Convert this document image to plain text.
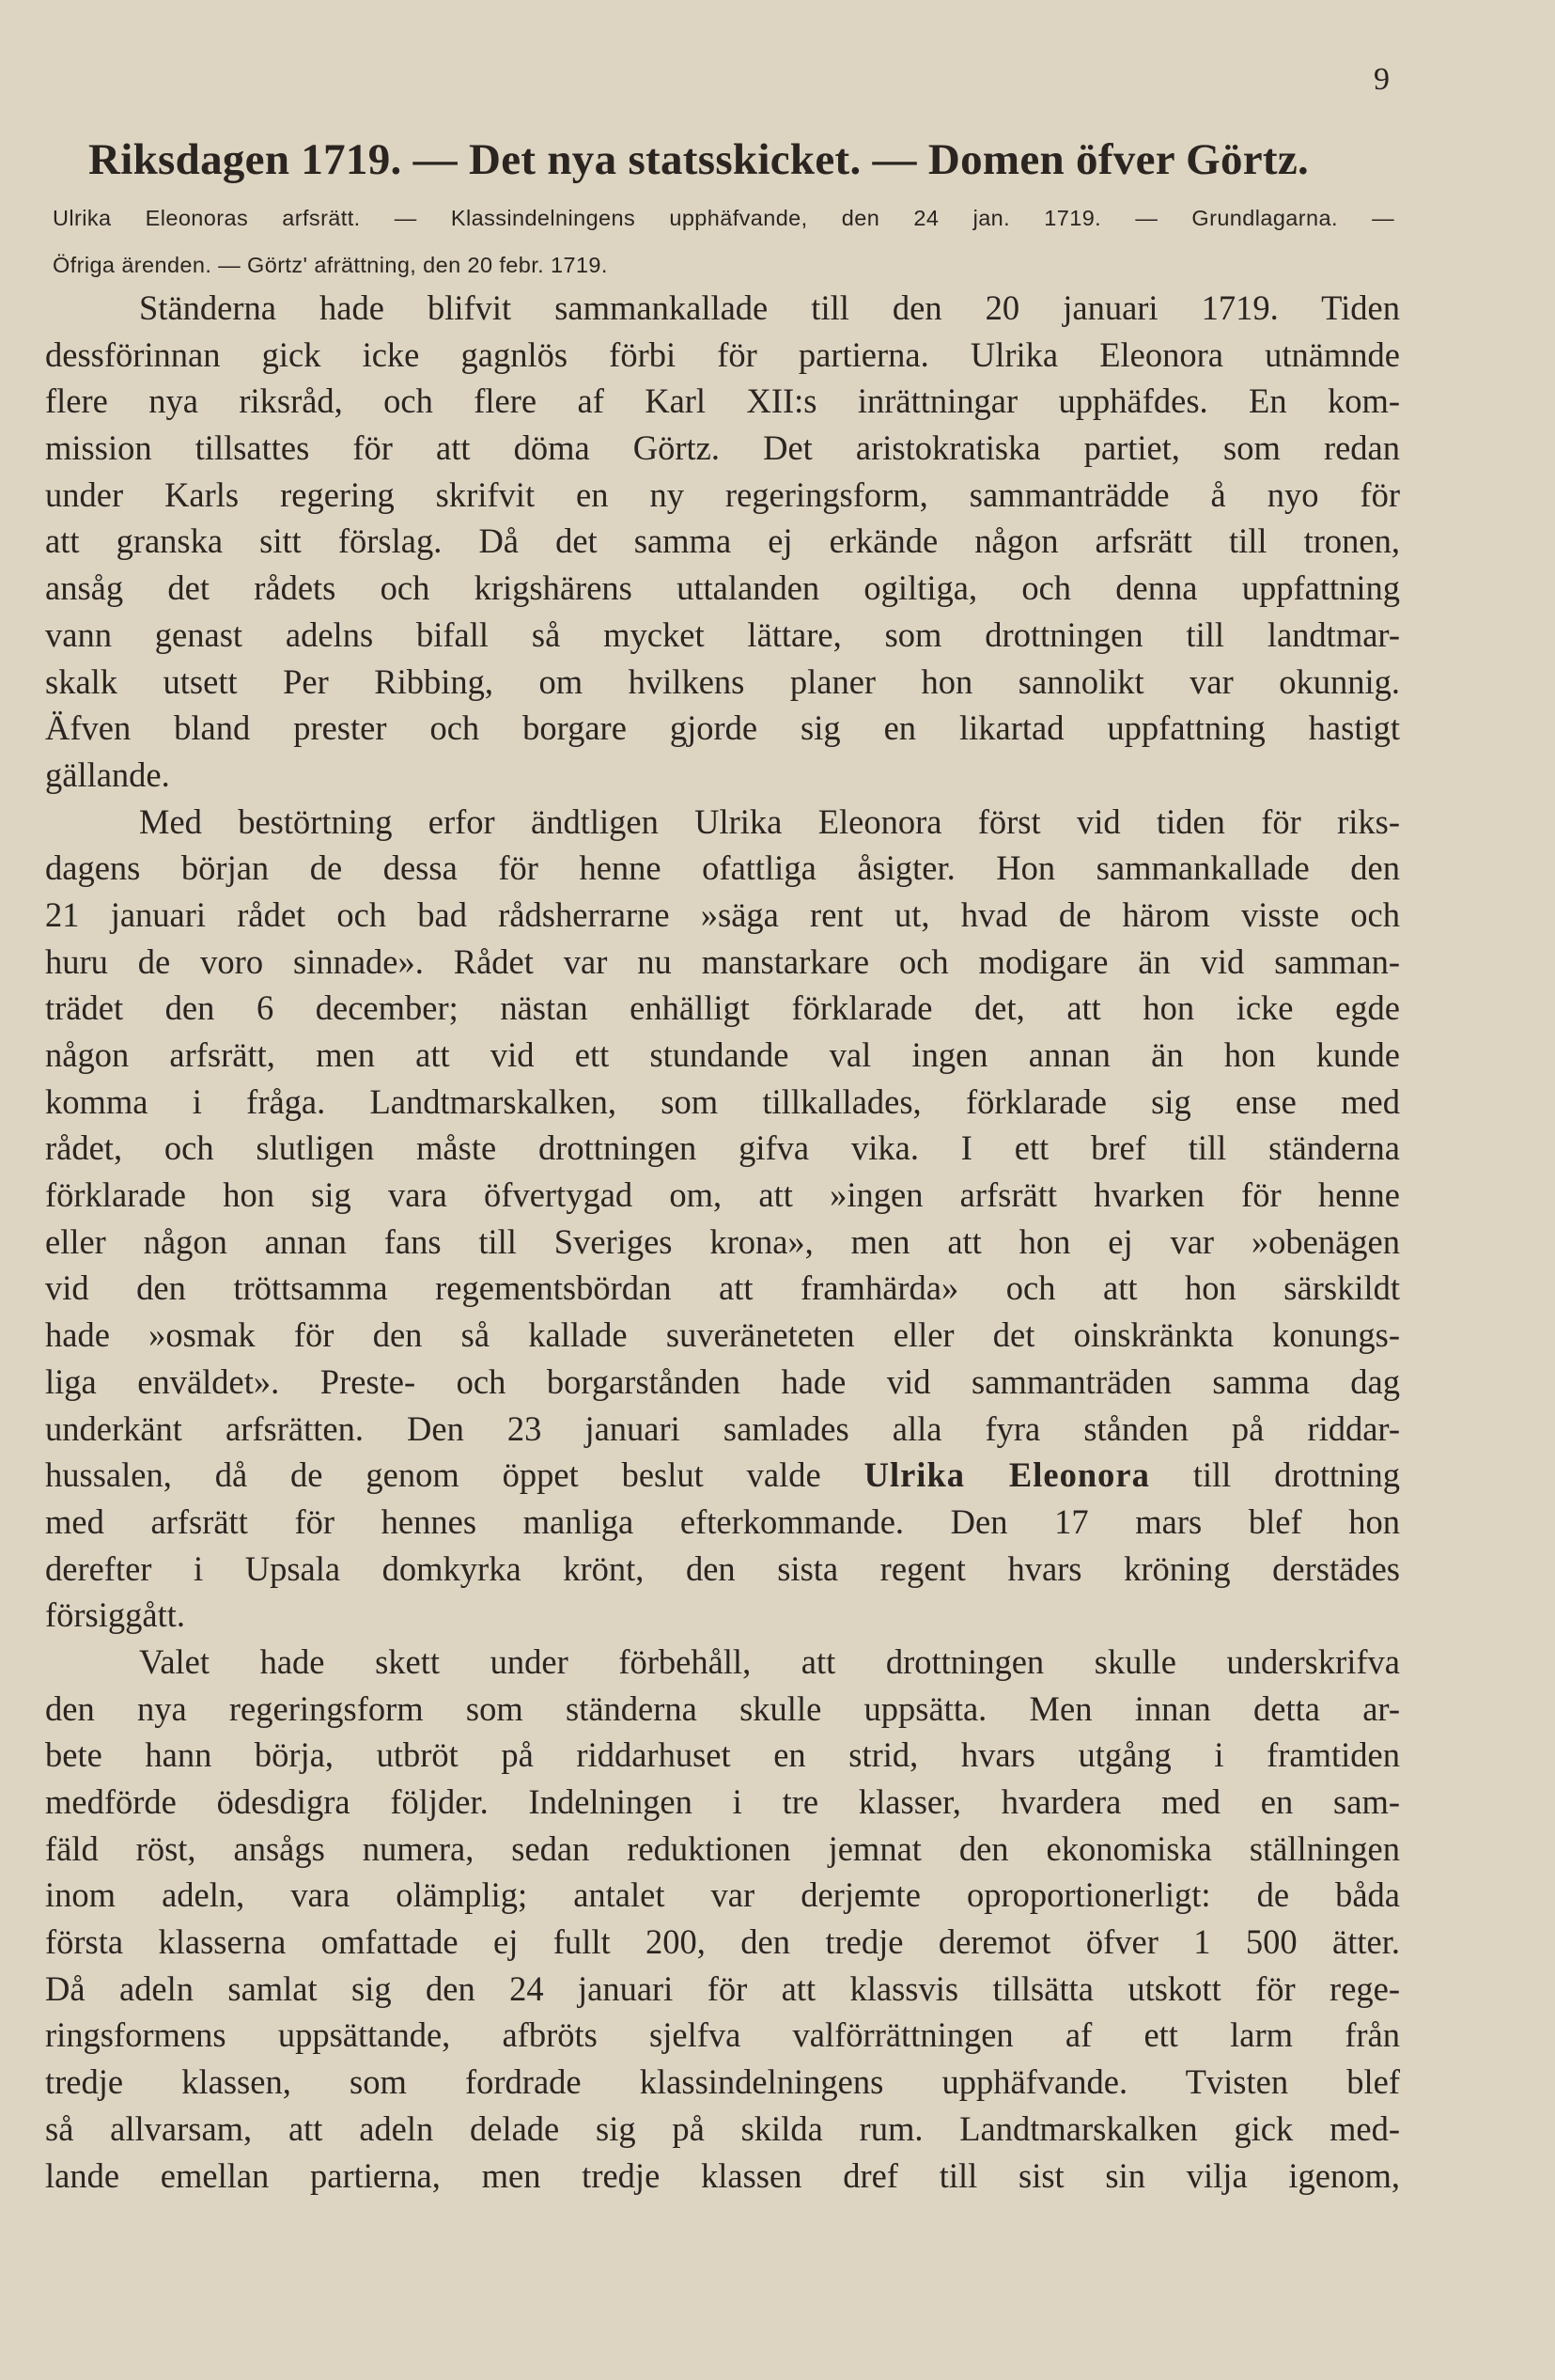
9
Riksdagen 1719. — Det nya statsskicket. — Domen öfver Görtz.
Ulrika Eleonoras arfsrätt. — Klassindelningens upphäfvande, den 24 jan. 1719. — Grundlagarna. —
Öfriga ärenden. — Görtz' afrättning, den 20 febr. 1719.
Ständerna hade blifvit sammankallade till den 20 januari 1719. Tiden
dessförinnan gick icke gagnlös förbi för partierna. Ulrika Eleonora utnämnde
flere nya riksråd, och flere af Karl XII:s inrättningar upphäfdes. En kom-
mission tillsattes för att döma Görtz. Det aristokratiska partiet, som redan
under Karls regering skrifvit en ny regeringsform, sammanträdde å nyo för
att granska sitt förslag. Då det samma ej erkände någon arfsrätt till tronen,
ansåg det rådets och krigshärens uttalanden ogiltiga, och denna uppfattning
vann genast adelns bifall så mycket lättare, som drottningen till landtmar-
skalk utsett Per Ribbing, om hvilkens planer hon sannolikt var okunnig.
Äfven bland prester och borgare gjorde sig en likartad uppfattning hastigt
gällande.
Med bestörtning erfor ändtligen Ulrika Eleonora först vid tiden för riks-
dagens början de dessa för henne ofattliga åsigter. Hon sammankallade den
21 januari rådet och bad rådsherrarne »säga rent ut, hvad de härom visste och
huru de voro sinnade». Rådet var nu manstarkare och modigare än vid samman-
trädet den 6 december; nästan enhälligt förklarade det, att hon icke egde
någon arfsrätt, men att vid ett stundande val ingen annan än hon kunde
komma i fråga. Landtmarskalken, som tillkallades, förklarade sig ense med
rådet, och slutligen måste drottningen gifva vika. I ett bref till ständerna
förklarade hon sig vara öfvertygad om, att »ingen arfsrätt hvarken för henne
eller någon annan fans till Sveriges krona», men att hon ej var »obenägen
vid den tröttsamma regementsbördan att framhärda» och att hon särskildt
hade »osmak för den så kallade suveräneteten eller det oinskränkta konungs-
liga enväldet». Preste- och borgarstånden hade vid sammanträden samma dag
underkänt arfsrätten. Den 23 januari samlades alla fyra stånden på riddar-
hussalen, då de genom öppet beslut valde Ulrika Eleonora till drottning
med arfsrätt för hennes manliga efterkommande. Den 17 mars blef hon
derefter i Upsala domkyrka krönt, den sista regent hvars kröning derstädes
försiggått.
Valet hade skett under förbehåll, att drottningen skulle underskrifva
den nya regeringsform som ständerna skulle uppsätta. Men innan detta ar-
bete hann börja, utbröt på riddarhuset en strid, hvars utgång i framtiden
medförde ödesdigra följder. Indelningen i tre klasser, hvardera med en sam-
fäld röst, ansågs numera, sedan reduktionen jemnat den ekonomiska ställningen
inom adeln, vara olämplig; antalet var derjemte oproportionerligt: de båda
första klasserna omfattade ej fullt 200, den tredje deremot öfver 1 500 ätter.
Då adeln samlat sig den 24 januari för att klassvis tillsätta utskott för rege-
ringsformens uppsättande, afbröts sjelfva valförrättningen af ett larm från
tredje klassen, som fordrade klassindelningens upphäfvande. Tvisten blef
så allvarsam, att adeln delade sig på skilda rum. Landtmarskalken gick med-
lande emellan partierna, men tredje klassen dref till sist sin vilja igenom,
